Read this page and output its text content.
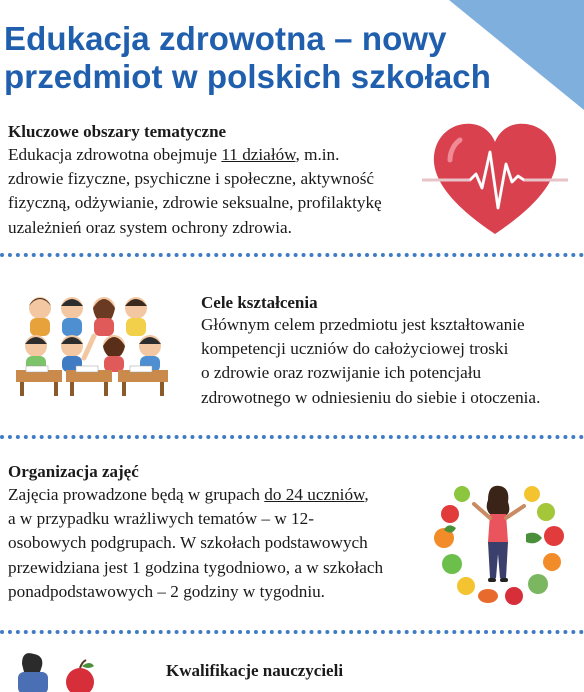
Edukacja zdrowotna – nowy
przedmiot w polskich szkołach
Kluczowe obszary tematyczne

Edukacja zdrowotna obejmuje 11 działów, m.in.
zdrowie fizyczne, psychiczne i społeczne, aktywność
fizyczną, odżywianie, zdrowie seksualne, profilaktykę
uzależnień oraz system ochrony zdrowia.

Cele kształcenia

Głównym celem przedmiotu jest kształtowanie
kompetencji uczniów do całożyciowej troski
o zdrowie oraz rozwijanie ich potencjału
zdrowotnego w odniesieniu do siebie i otoczenia.

Organizacja zajęć

Zajęcia prowadzone będą w grupach do 24 uczniów,
a w przypadku wrażliwych tematów – w 12-
osobowych podgrupach. W szkołach podstawowych
przewidziana jest 1 godzina tygodniowo, a w szkołach
ponadpodstawowych – 2 godziny w tygodniu.

Kwalifikacje nauczycieli
